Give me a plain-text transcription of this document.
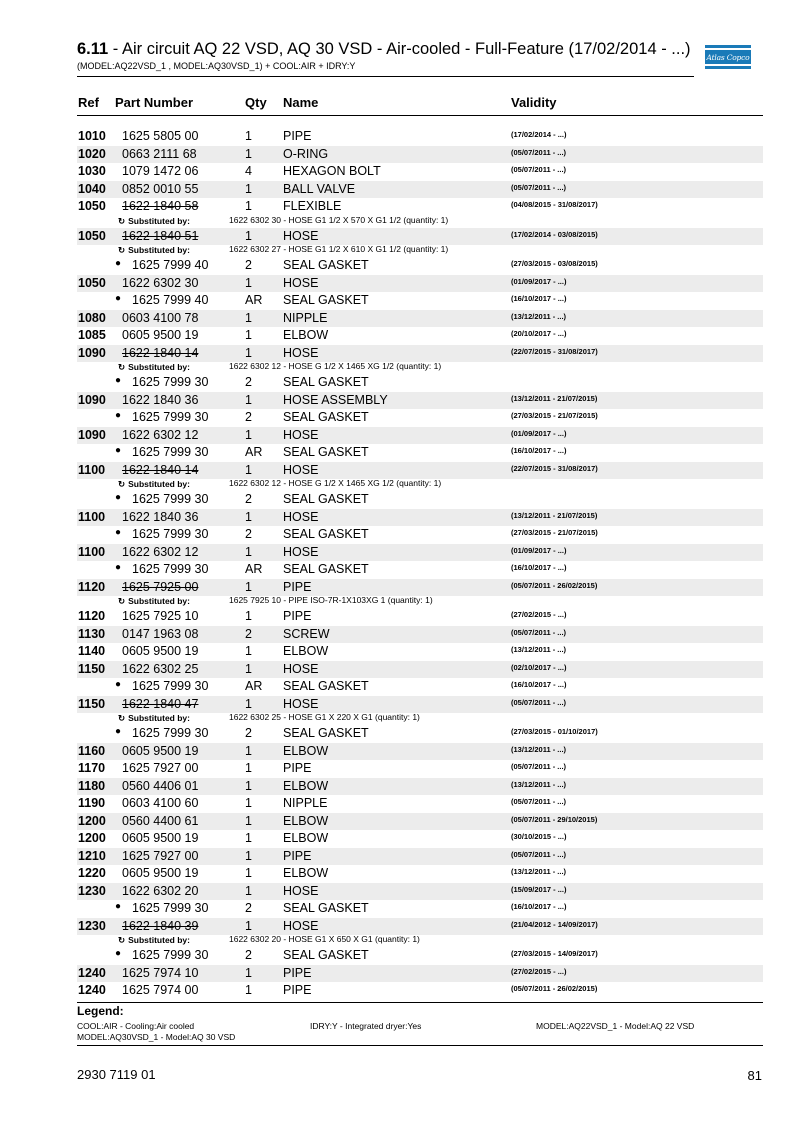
6.11 - Air circuit AQ 22 VSD, AQ 30 VSD - Air-cooled - Full-Feature (17/02/2014 - ...)
(MODEL:AQ22VSD_1 , MODEL:AQ30VSD_1) + COOL:AIR + IDRY:Y
Atlas Copco
Ref Part Number	Qty Name	Validity
1010 1625 5805 00	1 PIPE	(17/02/2014 - ...)
1020 0663 2111 68	1 O-RING	(05/07/2011 - ...)
1030 1079 1472 06	4 HEXAGON BOLT	(05/07/2011 - ...)
1040 0852 0010 55	1 BALL VALVE	(05/07/2011 - ...)
1050 1622 1840 58	1 FLEXIBLE	(04/08/2015 - 31/08/2017)
↻ Substituted by:	1622 6302 30 - HOSE G1 1/2 X 570 X G1 1/2 (quantity: 1)
1050 1622 1840 51	1 HOSE	(17/02/2014 - 03/08/2015)
↻ Substituted by:	1622 6302 27 - HOSE G1 1/2 X 610 X G1 1/2 (quantity: 1)
● 1625 7999 40	2 SEAL GASKET	(27/03/2015 - 03/08/2015)
1050 1622 6302 30	1 HOSE	(01/09/2017 - ...)
● 1625 7999 40	AR SEAL GASKET	(16/10/2017 - ...)
1080 0603 4100 78	1 NIPPLE	(13/12/2011 - ...)
1085 0605 9500 19	1 ELBOW	(20/10/2017 - ...)
1090 1622 1840 14	1 HOSE	(22/07/2015 - 31/08/2017)
↻ Substituted by:	1622 6302 12 - HOSE G 1/2 X 1465 XG 1/2 (quantity: 1)
● 1625 7999 30	2 SEAL GASKET
1090 1622 1840 36	1 HOSE ASSEMBLY	(13/12/2011 - 21/07/2015)
● 1625 7999 30	2 SEAL GASKET	(27/03/2015 - 21/07/2015)
1090 1622 6302 12	1 HOSE	(01/09/2017 - ...)
● 1625 7999 30	AR SEAL GASKET	(16/10/2017 - ...)
1100 1622 1840 14	1 HOSE	(22/07/2015 - 31/08/2017)
↻ Substituted by:	1622 6302 12 - HOSE G 1/2 X 1465 XG 1/2 (quantity: 1)
● 1625 7999 30	2 SEAL GASKET
1100 1622 1840 36	1 HOSE	(13/12/2011 - 21/07/2015)
● 1625 7999 30	2 SEAL GASKET	(27/03/2015 - 21/07/2015)
1100 1622 6302 12	1 HOSE	(01/09/2017 - ...)
● 1625 7999 30	AR SEAL GASKET	(16/10/2017 - ...)
1120 1625 7925 00	1 PIPE	(05/07/2011 - 26/02/2015)
↻ Substituted by:	1625 7925 10 - PIPE ISO-7R-1X103XG 1 (quantity: 1)
1120 1625 7925 10	1 PIPE	(27/02/2015 - ...)
1130 0147 1963 08	2 SCREW	(05/07/2011 - ...)
1140 0605 9500 19	1 ELBOW	(13/12/2011 - ...)
1150 1622 6302 25	1 HOSE	(02/10/2017 - ...)
● 1625 7999 30	AR SEAL GASKET	(16/10/2017 - ...)
1150 1622 1840 47	1 HOSE	(05/07/2011 - ...)
↻ Substituted by:	1622 6302 25 - HOSE G1 X 220 X G1 (quantity: 1)
● 1625 7999 30	2 SEAL GASKET	(27/03/2015 - 01/10/2017)
1160 0605 9500 19	1 ELBOW	(13/12/2011 - ...)
1170 1625 7927 00	1 PIPE	(05/07/2011 - ...)
1180 0560 4406 01	1 ELBOW	(13/12/2011 - ...)
1190 0603 4100 60	1 NIPPLE	(05/07/2011 - ...)
1200 0560 4400 61	1 ELBOW	(05/07/2011 - 29/10/2015)
1200 0605 9500 19	1 ELBOW	(30/10/2015 - ...)
1210 1625 7927 00	1 PIPE	(05/07/2011 - ...)
1220 0605 9500 19	1 ELBOW	(13/12/2011 - ...)
1230 1622 6302 20	1 HOSE	(15/09/2017 - ...)
● 1625 7999 30	2 SEAL GASKET	(16/10/2017 - ...)
1230 1622 1840 39	1 HOSE	(21/04/2012 - 14/09/2017)
↻ Substituted by:	1622 6302 20 - HOSE G1 X 650 X G1 (quantity: 1)
● 1625 7999 30	2 SEAL GASKET	(27/03/2015 - 14/09/2017)
1240 1625 7974 10	1 PIPE	(27/02/2015 - ...)
1240 1625 7974 00	1 PIPE	(05/07/2011 - 26/02/2015)
Legend:
COOL:AIR - Cooling:Air cooled	IDRY:Y - Integrated dryer:Yes	MODEL:AQ22VSD_1 - Model:AQ 22 VSD
MODEL:AQ30VSD_1 - Model:AQ 30 VSD
2930 7119 01	81
